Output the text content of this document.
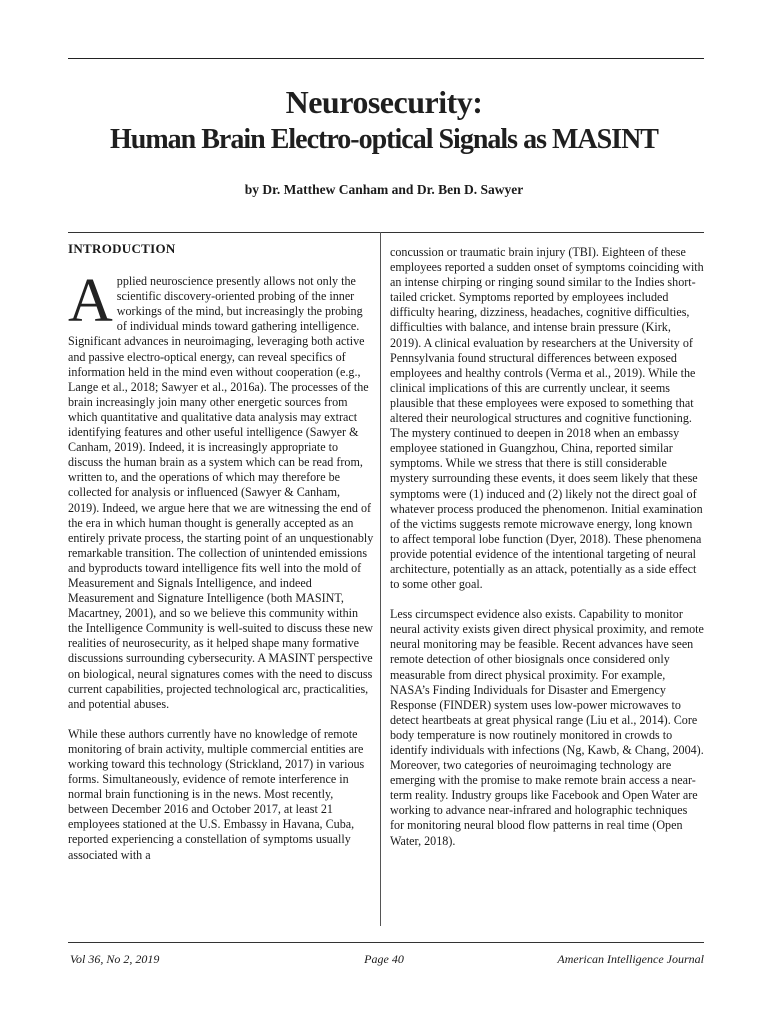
Neurosecurity:
Human Brain Electro-optical Signals as MASINT
by Dr. Matthew Canham and Dr. Ben D. Sawyer

INTRODUCTION

Applied neuroscience presently allows not only the scientific discovery-oriented probing of the inner workings of the mind, but increasingly the probing of individual minds toward gathering intelligence. Significant advances in neuroimaging, leveraging both active and passive electro-optical energy, can reveal specifics of information held in the mind even without cooperation (e.g., Lange et al., 2018; Sawyer et al., 2016a). The processes of the brain increasingly join many other energetic sources from which quantitative and qualitative data analysis may extract identifying features and other useful intelligence (Sawyer & Canham, 2019). Indeed, it is increasingly appropriate to discuss the human brain as a system which can be read from, written to, and the operations of which may therefore be collected for analysis or influenced (Sawyer & Canham, 2019). Indeed, we argue here that we are witnessing the end of the era in which human thought is generally accepted as an entirely private process, the starting point of an unquestionably remarkable transition. The collection of unintended emissions and byproducts toward intelligence fits well into the mold of Measurement and Signals Intelligence, and indeed Measurement and Signature Intelligence (both MASINT, Macartney, 2001), and so we believe this community within the Intelligence Community is well-suited to discuss these new realities of neurosecurity, as it helped shape many formative discussions surrounding cybersecurity. A MASINT perspective on biological, neural signatures comes with the need to discuss current capabilities, projected technological arc, practicalities, and potential abuses.

While these authors currently have no knowledge of remote monitoring of brain activity, multiple commercial entities are working toward this technology (Strickland, 2017) in various forms. Simultaneously, evidence of remote interference in normal brain functioning is in the news. Most recently, between December 2016 and October 2017, at least 21 employees stationed at the U.S. Embassy in Havana, Cuba, reported experiencing a constellation of symptoms usually associated with a

concussion or traumatic brain injury (TBI). Eighteen of these employees reported a sudden onset of symptoms coinciding with an intense chirping or ringing sound similar to the Indies short-tailed cricket. Symptoms reported by employees included difficulty hearing, dizziness, headaches, cognitive difficulties, difficulties with balance, and intense brain pressure (Kirk, 2019). A clinical evaluation by researchers at the University of Pennsylvania found structural differences between exposed employees and healthy controls (Verma et al., 2019). While the clinical implications of this are currently unclear, it seems plausible that these employees were exposed to something that altered their neurological structures and cognitive functioning. The mystery continued to deepen in 2018 when an embassy employee stationed in Guangzhou, China, reported similar symptoms. While we stress that there is still considerable mystery surrounding these events, it does seem likely that these symptoms were (1) induced and (2) likely not the direct goal of whatever process produced the phenomenon. Initial examination of the victims suggests remote microwave energy, long known to affect temporal lobe function (Dyer, 2018). These phenomena provide potential evidence of the intentional targeting of neural architecture, potentially as an attack, potentially as a side effect to some other goal.

Less circumspect evidence also exists. Capability to monitor neural activity exists given direct physical proximity, and remote neural monitoring may be feasible. Recent advances have seen remote detection of other biosignals once considered only measurable from direct physical proximity. For example, NASA’s Finding Individuals for Disaster and Emergency Response (FINDER) system uses low-power microwaves to detect heartbeats at great physical range (Liu et al., 2014). Core body temperature is now routinely monitored in crowds to identify individuals with infections (Ng, Kawb, & Chang, 2004). Moreover, two categories of neuroimaging technology are emerging with the promise to make remote brain access a near-term reality. Industry groups like Facebook and Open Water are working to advance near-infrared and holographic techniques for monitoring neural blood flow patterns in real time (Open Water, 2018).

Vol 36, No 2, 2019	Page 40	American Intelligence Journal
